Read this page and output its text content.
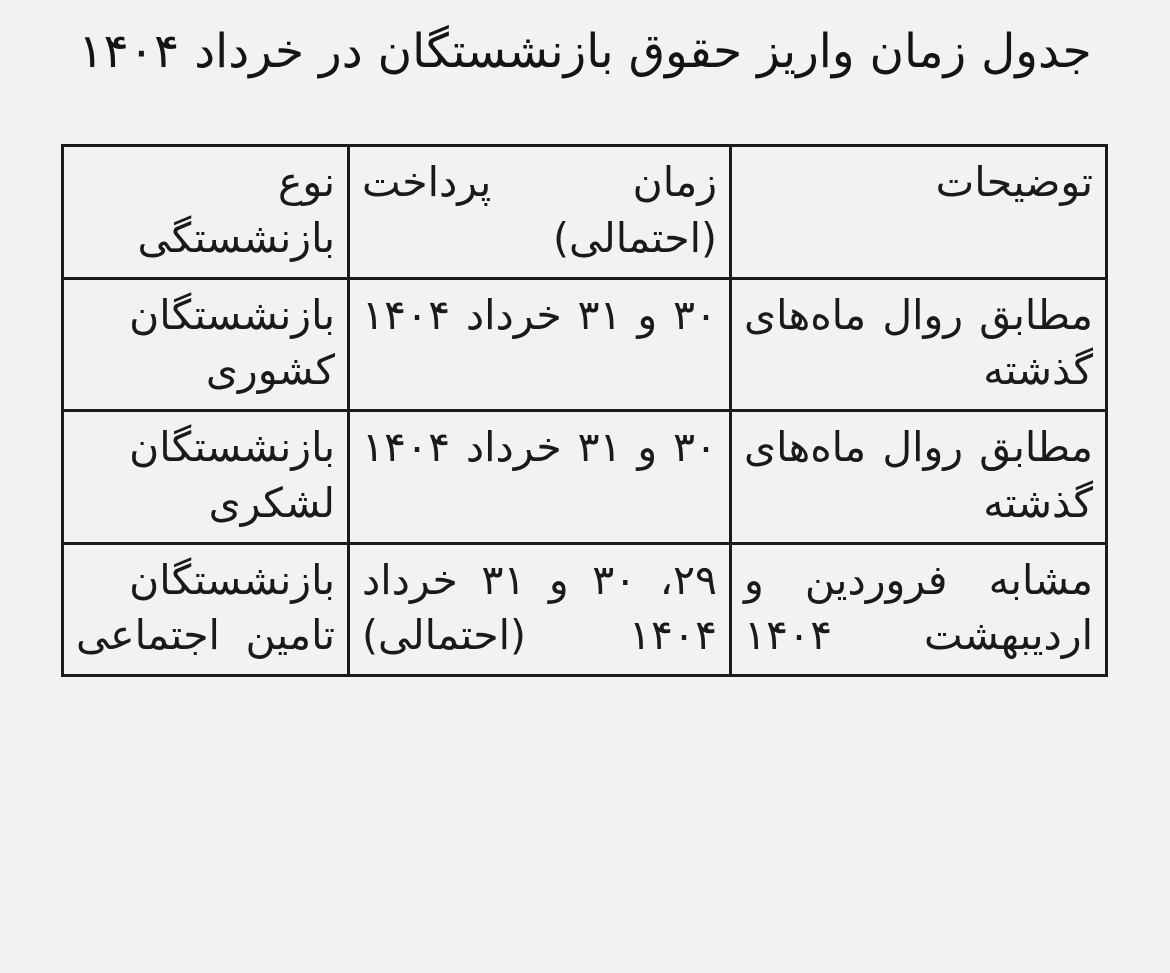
جدول زمان واریز حقوق بازنشستگان در خرداد ۱۴۰۴
توضیحات	زمان پرداخت (احتمالی)	نوع بازنشستگی
مطابق روال ماه‌های گذشته	۳۰ و ۳۱ خرداد ۱۴۰۴	بازنشستگان کشوری
مطابق روال ماه‌های گذشته	۳۰ و ۳۱ خرداد ۱۴۰۴	بازنشستگان لشکری
مشابه فروردین و اردیبهشت ۱۴۰۴	۲۹، ۳۰ و ۳۱ خرداد ۱۴۰۴ (احتمالی)	بازنشستگان تامین اجتماعی
